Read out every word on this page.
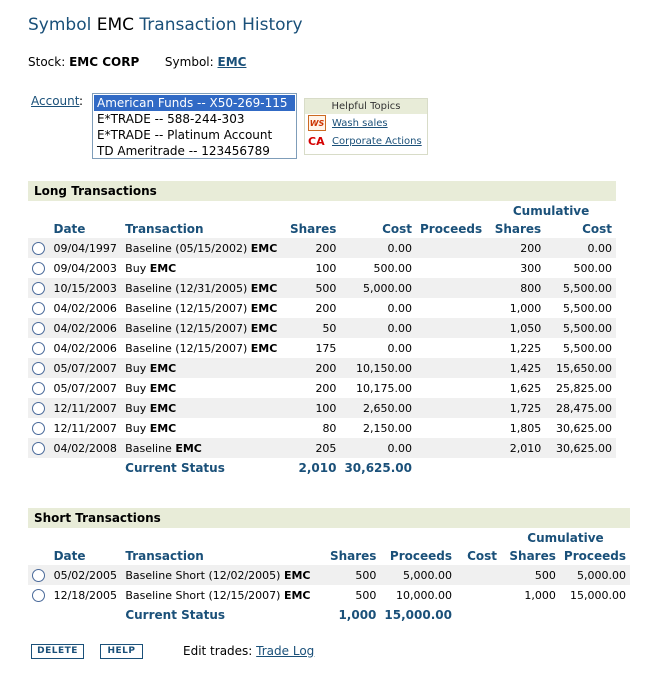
Symbol EMC Transaction History
Stock: EMC CORP Symbol: EMC
Account : American Funds -- X50-269-115
E*TRADE -- 588-244-303
E*TRADE -- Platinum Account
TD Ameritrade -- 123456789
Helpful Topics
WS Wash sales
CA Corporate Actions
Long Transactions
						Cumulative	
	Date	Transaction	Shares	Cost	Proceeds	Shares	Cost
	09/04/1997	Baseline (05/15/2002) EMC	200	0.00		200	0.00
	09/04/2003	Buy EMC	100	500.00		300	500.00
	10/15/2003	Baseline (12/31/2005) EMC	500	5,000.00		800	5,500.00
	04/02/2006	Baseline (12/15/2007) EMC	200	0.00		1,000	5,500.00
	04/02/2006	Baseline (12/15/2007) EMC	50	0.00		1,050	5,500.00
	04/02/2006	Baseline (12/15/2007) EMC	175	0.00		1,225	5,500.00
	05/07/2007	Buy EMC	200	10,150.00		1,425	15,650.00
	05/07/2007	Buy EMC	200	10,175.00		1,625	25,825.00
	12/11/2007	Buy EMC	100	2,650.00		1,725	28,475.00
	12/11/2007	Buy EMC	80	2,150.00		1,805	30,625.00
	04/02/2008	Baseline EMC	205	0.00		2,010	30,625.00
		Current Status	2,010	30,625.00			
Short Transactions
						Cumulative	
	Date	Transaction	Shares	Proceeds	Cost	Shares	Proceeds
	05/02/2005	Baseline Short (12/02/2005) EMC	500	5,000.00		500	5,000.00
	12/18/2005	Baseline Short (12/15/2007) EMC	500	10,000.00		1,000	15,000.00
		Current Status	1,000	15,000.00			
DELETE	HELP	Edit trades: Trade Log
